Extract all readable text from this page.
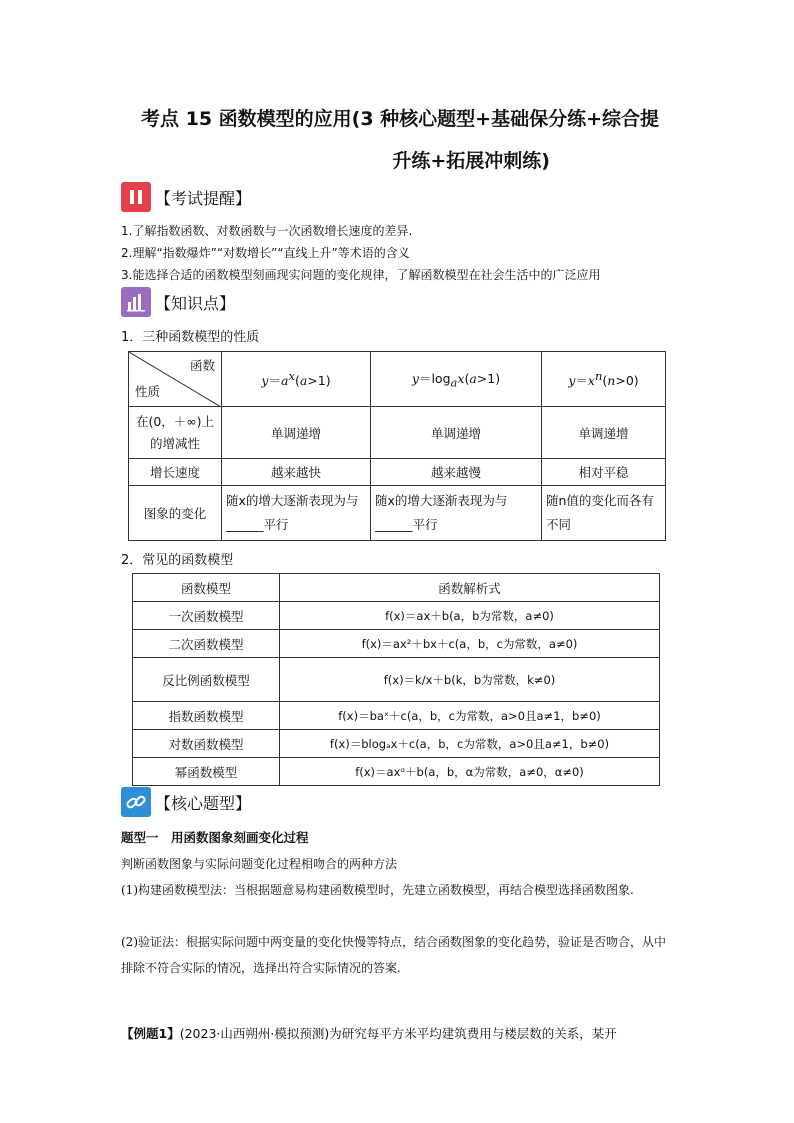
考点 15 函数模型的应用(3 种核心题型+基础保分练+综合提
升练+拓展冲刺练)
【考试提醒】
1.了解指数函数、对数函数与一次函数增长速度的差异.
2.理解“指数爆炸”“对数增长”“直线上升”等术语的含义
3.能选择合适的函数模型刻画现实问题的变化规律，了解函数模型在社会生活中的广泛应用
【知识点】
1．三种函数模型的性质
函数
性质	$y=a^x(a>1)$	$y=\log_ax(a>1)$	$y=x^n(n>0)$
在(0，＋∞)上的增减性	单调递增	单调递增	单调递增
增长速度	越来越快	越来越慢	相对平稳
图象的变化	随x的增大逐渐表现为与______平行	随x的增大逐渐表现为与______平行	随n值的变化而各有不同
2．常见的函数模型
函数模型	函数解析式
一次函数模型	f(x)＝ax＋b(a，b为常数，a≠0)
二次函数模型	f(x)＝ax²＋bx＋c(a，b，c为常数，a≠0)
反比例函数模型	f(x)＝k/x＋b(k，b为常数，k≠0)
指数函数模型	f(x)＝baˣ＋c(a，b，c为常数，a>0且a≠1，b≠0)
对数函数模型	f(x)＝blogₐx＋c(a，b，c为常数，a>0且a≠1，b≠0)
幂函数模型	f(x)＝axᵅ＋b(a，b，α为常数，a≠0，α≠0)
【核心题型】
题型一　用函数图象刻画变化过程
判断函数图象与实际问题变化过程相吻合的两种方法
(1)构建函数模型法：当根据题意易构建函数模型时，先建立函数模型，再结合模型选择函数图象.
(2)验证法：根据实际问题中两变量的变化快慢等特点，结合函数图象的变化趋势，验证是否吻合，从中排除不符合实际的情况，选择出符合实际情况的答案.
【例题1】(2023·山西朔州·模拟预测)为研究每平方米平均建筑费用与楼层数的关系，某开
